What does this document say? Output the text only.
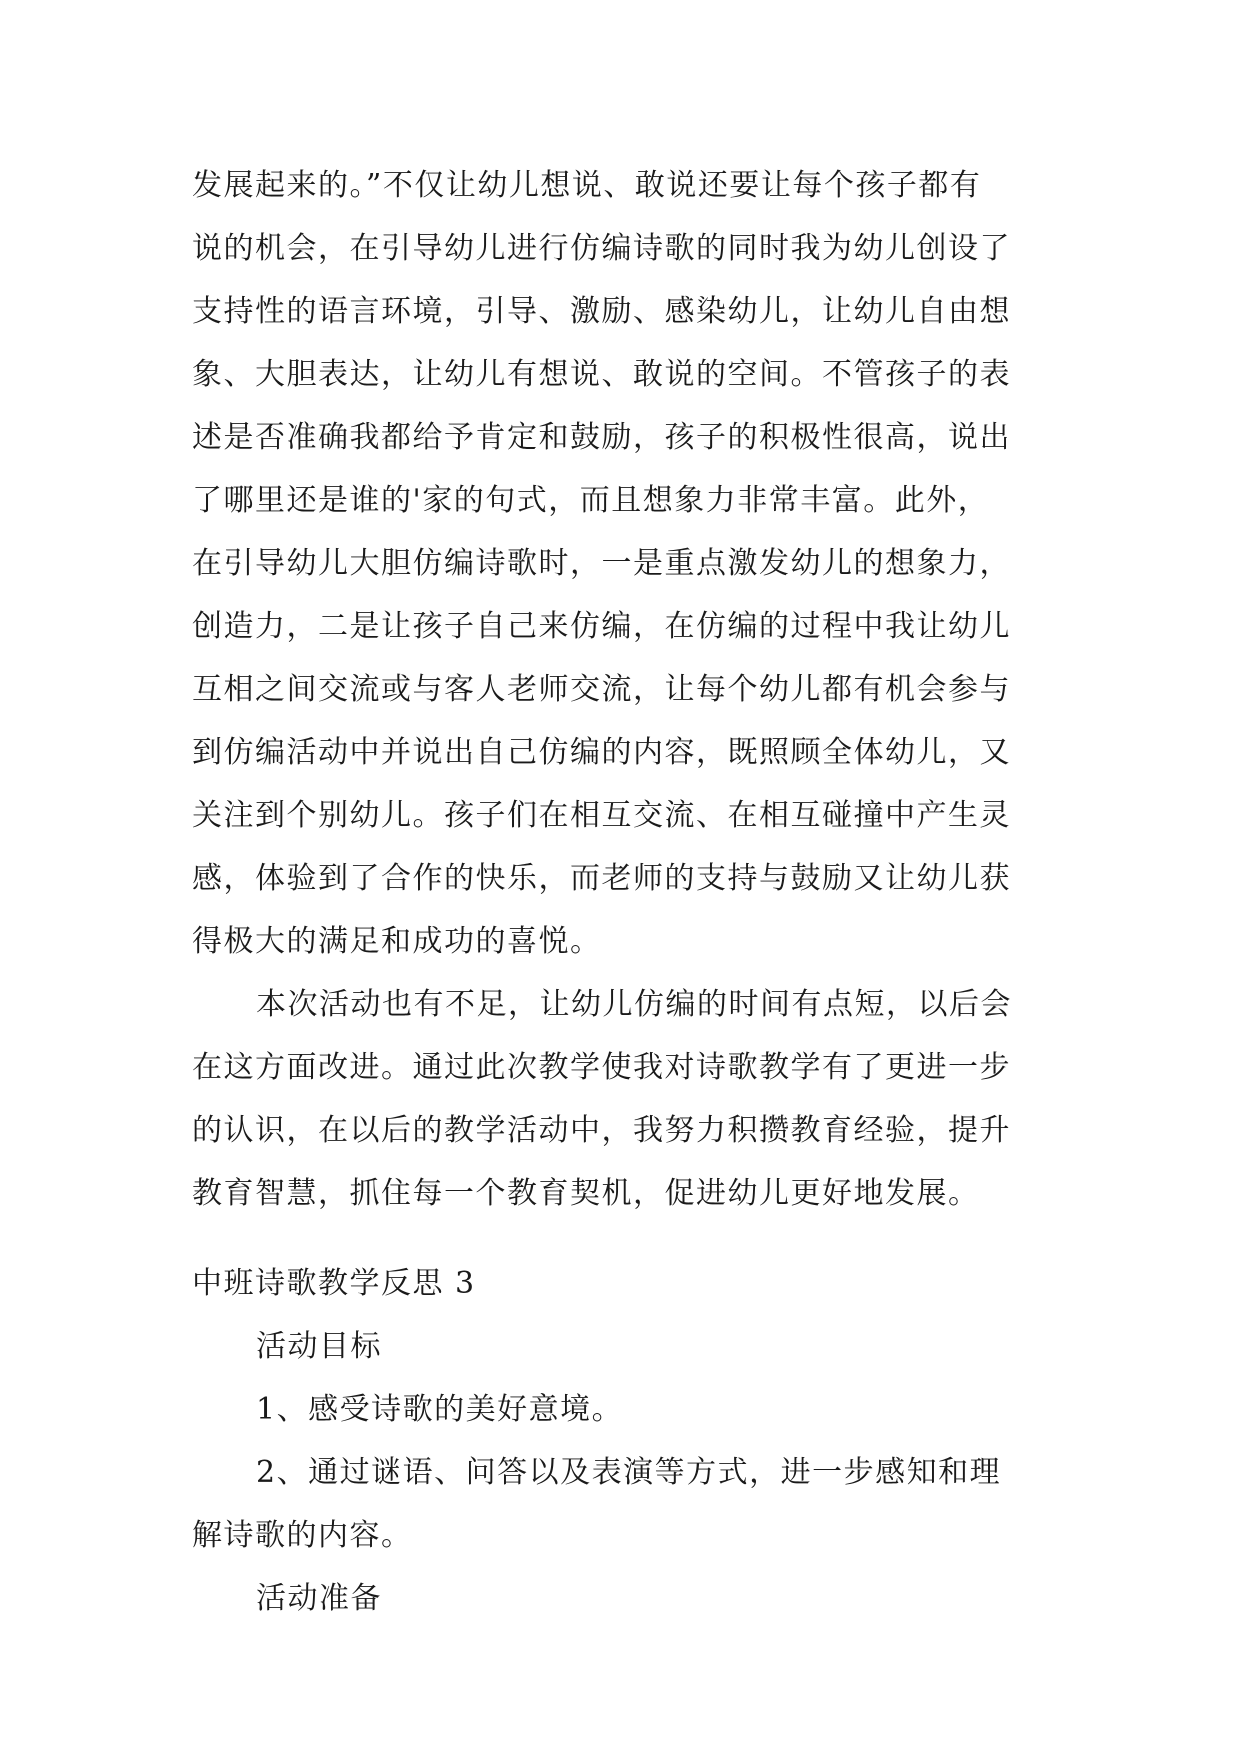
发展起来的。”不仅让幼儿想说、敢说还要让每个孩子都有
说的机会，在引导幼儿进行仿编诗歌的同时我为幼儿创设了
支持性的语言环境，引导、激励、感染幼儿，让幼儿自由想
象、大胆表达，让幼儿有想说、敢说的空间。不管孩子的表
述是否准确我都给予肯定和鼓励，孩子的积极性很高，说出
了哪里还是谁的'家的句式，而且想象力非常丰富。此外，
在引导幼儿大胆仿编诗歌时，一是重点激发幼儿的想象力，
创造力，二是让孩子自己来仿编，在仿编的过程中我让幼儿
互相之间交流或与客人老师交流，让每个幼儿都有机会参与
到仿编活动中并说出自己仿编的内容，既照顾全体幼儿，又
关注到个别幼儿。孩子们在相互交流、在相互碰撞中产生灵
感，体验到了合作的快乐，而老师的支持与鼓励又让幼儿获
得极大的满足和成功的喜悦。
本次活动也有不足，让幼儿仿编的时间有点短，以后会
在这方面改进。通过此次教学使我对诗歌教学有了更进一步
的认识，在以后的教学活动中，我努力积攒教育经验，提升
教育智慧，抓住每一个教育契机，促进幼儿更好地发展。
中班诗歌教学反思 3
活动目标
1、感受诗歌的美好意境。
2、通过谜语、问答以及表演等方式，进一步感知和理
解诗歌的内容。
活动准备
